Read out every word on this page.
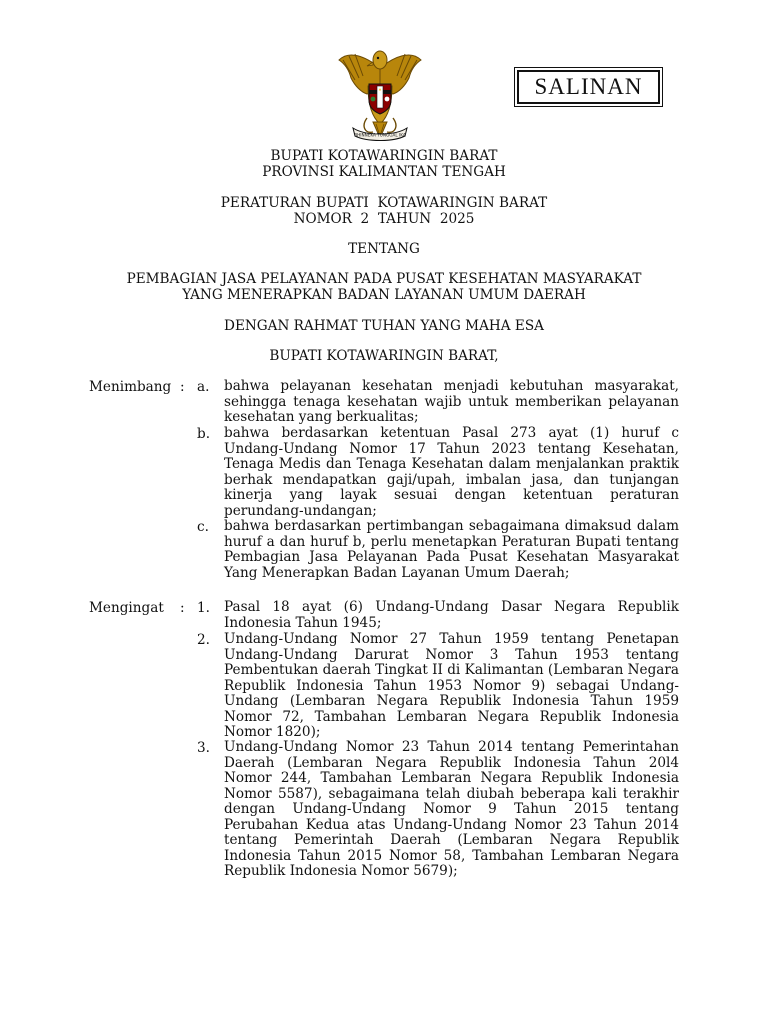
BHINNEKA TUNGGAL IKA
SALINAN
BUPATI KOTAWARINGIN BARAT
PROVINSI KALIMANTAN TENGAH
PERATURAN BUPATI  KOTAWARINGIN BARAT
NOMOR  2  TAHUN  2025
TENTANG
PEMBAGIAN JASA PELAYANAN PADA PUSAT KESEHATAN MASYARAKAT
YANG MENERAPKAN BADAN LAYANAN UMUM DAERAH
DENGAN RAHMAT TUHAN YANG MAHA ESA
BUPATI KOTAWARINGIN BARAT,
Menimbang : a. bahwa pelayanan kesehatan menjadi kebutuhan masyarakat, sehingga tenaga kesehatan wajib untuk memberikan pelayanan kesehatan yang berkualitas;
b. bahwa berdasarkan ketentuan Pasal 273 ayat (1) huruf c Undang-Undang Nomor 17 Tahun 2023 tentang Kesehatan, Tenaga Medis dan Tenaga Kesehatan dalam menjalankan praktik berhak mendapatkan gaji/upah, imbalan jasa, dan tunjangan kinerja yang layak sesuai dengan ketentuan peraturan perundang-undangan;
c. bahwa berdasarkan pertimbangan sebagaimana dimaksud dalam huruf a dan huruf b, perlu menetapkan Peraturan Bupati tentang Pembagian Jasa Pelayanan Pada Pusat Kesehatan Masyarakat Yang Menerapkan Badan Layanan Umum Daerah;
Mengingat : 1. Pasal 18 ayat (6) Undang-Undang Dasar Negara Republik Indonesia Tahun 1945;
2. Undang-Undang Nomor 27 Tahun 1959 tentang Penetapan Undang-Undang Darurat Nomor 3 Tahun 1953 tentang Pembentukan daerah Tingkat II di Kalimantan (Lembaran Negara Republik Indonesia Tahun 1953 Nomor 9) sebagai Undang-Undang (Lembaran Negara Republik Indonesia Tahun 1959 Nomor 72, Tambahan Lembaran Negara Republik Indonesia Nomor 1820);
3. Undang-Undang Nomor 23 Tahun 2014 tentang Pemerintahan Daerah (Lembaran Negara Republik Indonesia Tahun 20l4 Nomor 244, Tambahan Lembaran Negara Republik Indonesia Nomor 5587), sebagaimana telah diubah beberapa kali terakhir dengan Undang-Undang Nomor 9 Tahun 2015 tentang Perubahan Kedua atas Undang-Undang Nomor 23 Tahun 2014 tentang Pemerintah Daerah (Lembaran Negara Republik Indonesia Tahun 2015 Nomor 58, Tambahan Lembaran Negara Republik Indonesia Nomor 5679);
